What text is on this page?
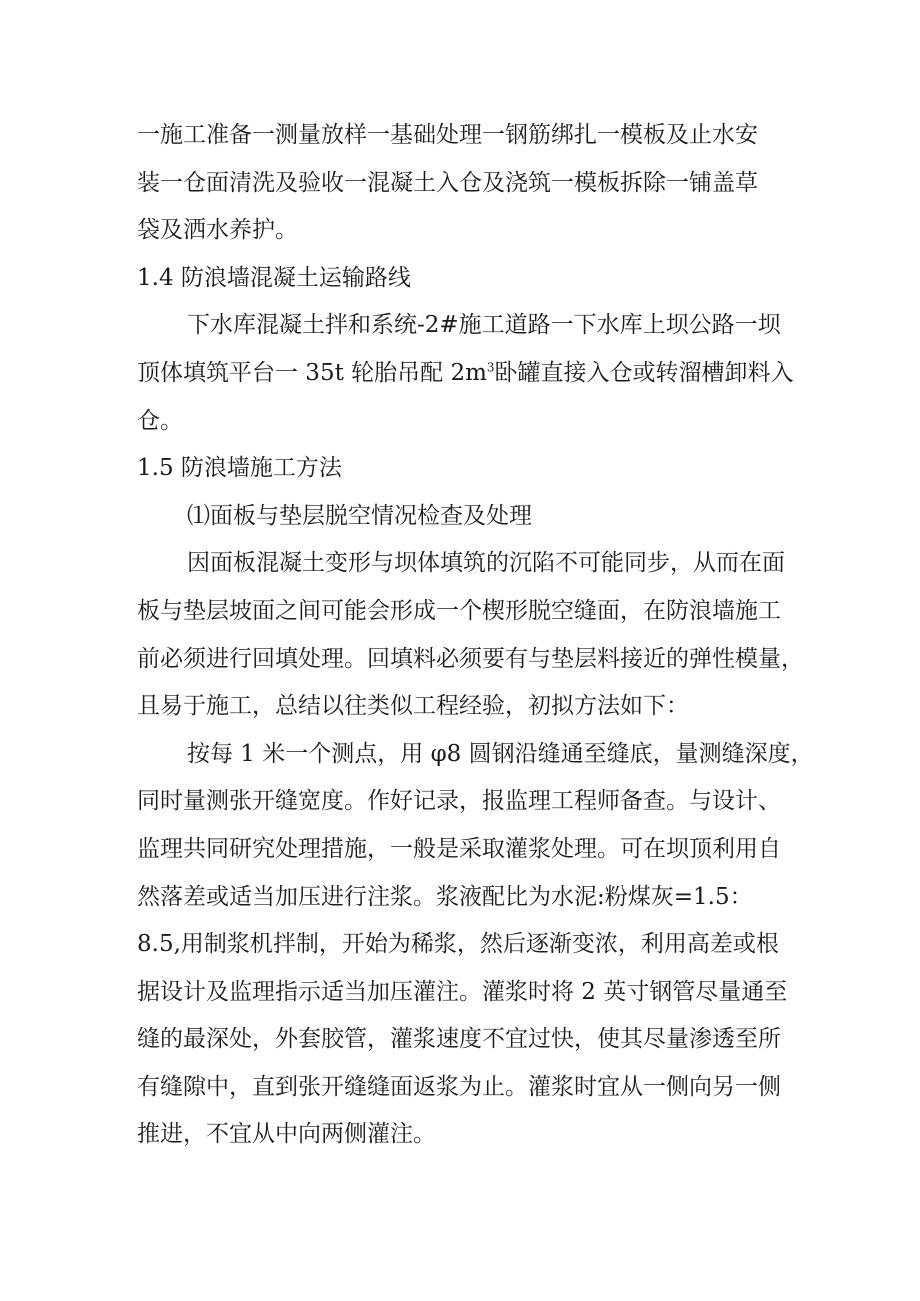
一施工准备一测量放样一基础处理一钢筋绑扎一模板及止水安

装一仓面清洗及验收一混凝土入仓及浇筑一模板拆除一铺盖草

袋及洒水养护。

1.4 防浪墙混凝土运输路线

下水库混凝土拌和系统-2#施工道路一下水库上坝公路一坝

顶体填筑平台一 35t 轮胎吊配 $2m^3$卧罐直接入仓或转溜槽卸料入

仓。

1.5 防浪墙施工方法

⑴面板与垫层脱空情况检查及处理

因面板混凝土变形与坝体填筑的沉陷不可能同步，从而在面

板与垫层坡面之间可能会形成一个楔形脱空缝面，在防浪墙施工

前必须进行回填处理。回填料必须要有与垫层料接近的弹性模量，

且易于施工，总结以往类似工程经验，初拟方法如下：

按每 1 米一个测点，用 φ8 圆钢沿缝通至缝底，量测缝深度，

同时量测张开缝宽度。作好记录，报监理工程师备查。与设计、

监理共同研究处理措施，一般是采取灌浆处理。可在坝顶利用自

然落差或适当加压进行注浆。浆液配比为水泥:粉煤灰=1.5：

8.5,用制浆机拌制，开始为稀浆，然后逐渐变浓，利用高差或根

据设计及监理指示适当加压灌注。灌浆时将 2 英寸钢管尽量通至

缝的最深处，外套胶管，灌浆速度不宜过快，使其尽量渗透至所

有缝隙中，直到张开缝缝面返浆为止。灌浆时宜从一侧向另一侧

推进，不宜从中向两侧灌注。
